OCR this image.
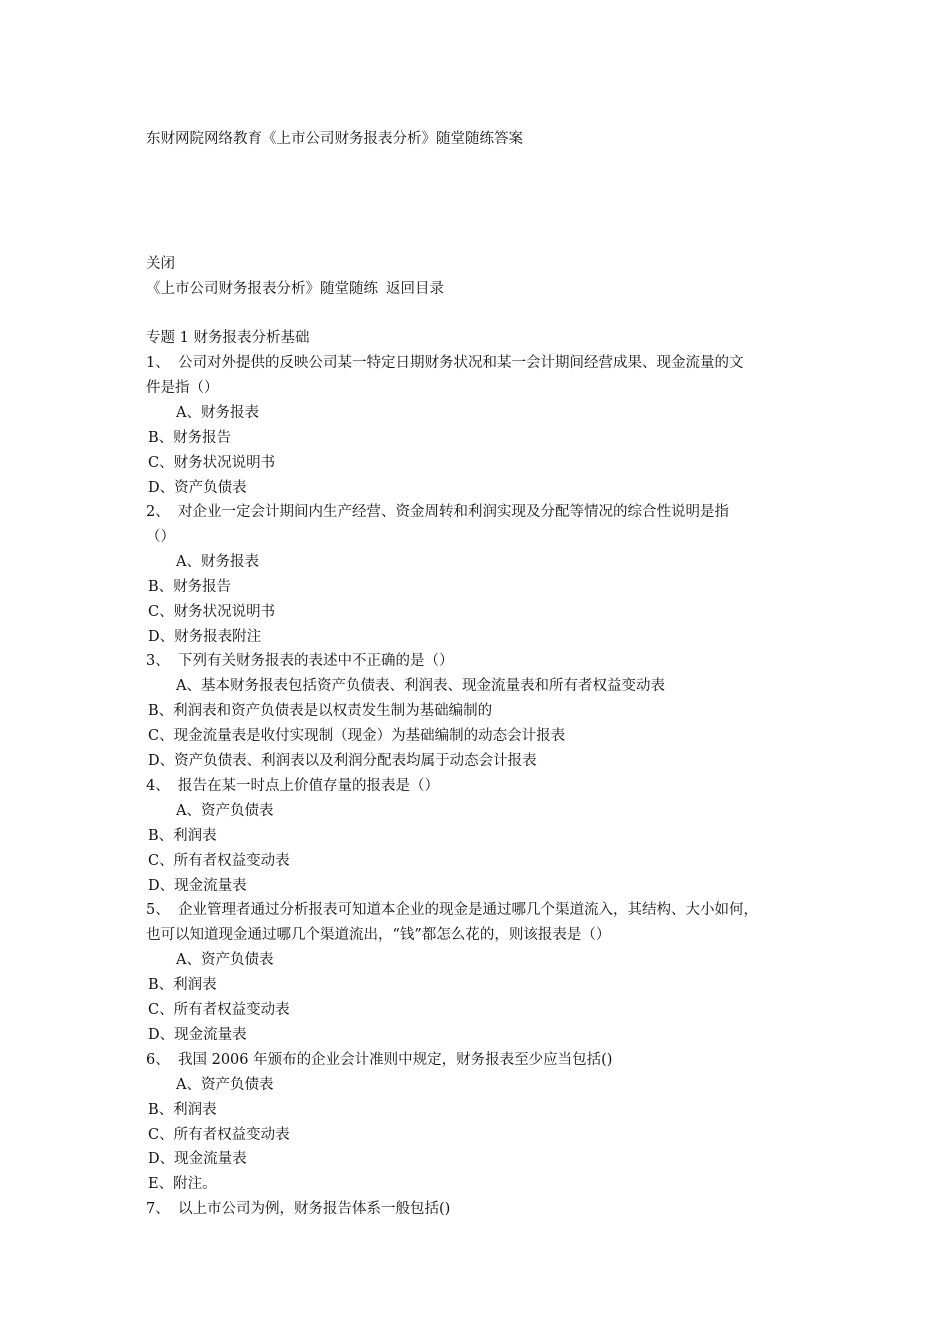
东财网院网络教育《上市公司财务报表分析》随堂随练答案
关闭
《上市公司财务报表分析》随堂随练 返回目录
专题 1 财务报表分析基础
1、 公司对外提供的反映公司某一特定日期财务状况和某一会计期间经营成果、现金流量的文
件是指（）
A、财务报表
B、财务报告
C、财务状况说明书
D、资产负债表
2、 对企业一定会计期间内生产经营、资金周转和利润实现及分配等情况的综合性说明是指
（）
A、财务报表
B、财务报告
C、财务状况说明书
D、财务报表附注
3、 下列有关财务报表的表述中不正确的是（）
A、基本财务报表包括资产负债表、利润表、现金流量表和所有者权益变动表
B、利润表和资产负债表是以权责发生制为基础编制的
C、现金流量表是收付实现制（现金）为基础编制的动态会计报表
D、资产负债表、利润表以及利润分配表均属于动态会计报表
4、 报告在某一时点上价值存量的报表是（）
A、资产负债表
B、利润表
C、所有者权益变动表
D、现金流量表
5、 企业管理者通过分析报表可知道本企业的现金是通过哪几个渠道流入，其结构、大小如何，
也可以知道现金通过哪几个渠道流出，“钱”都怎么花的，则该报表是（）
A、资产负债表
B、利润表
C、所有者权益变动表
D、现金流量表
6、 我国 2006 年颁布的企业会计准则中规定，财务报表至少应当包括()
A、资产负债表
B、利润表
C、所有者权益变动表
D、现金流量表
E、附注。
7、 以上市公司为例，财务报告体系一般包括()
